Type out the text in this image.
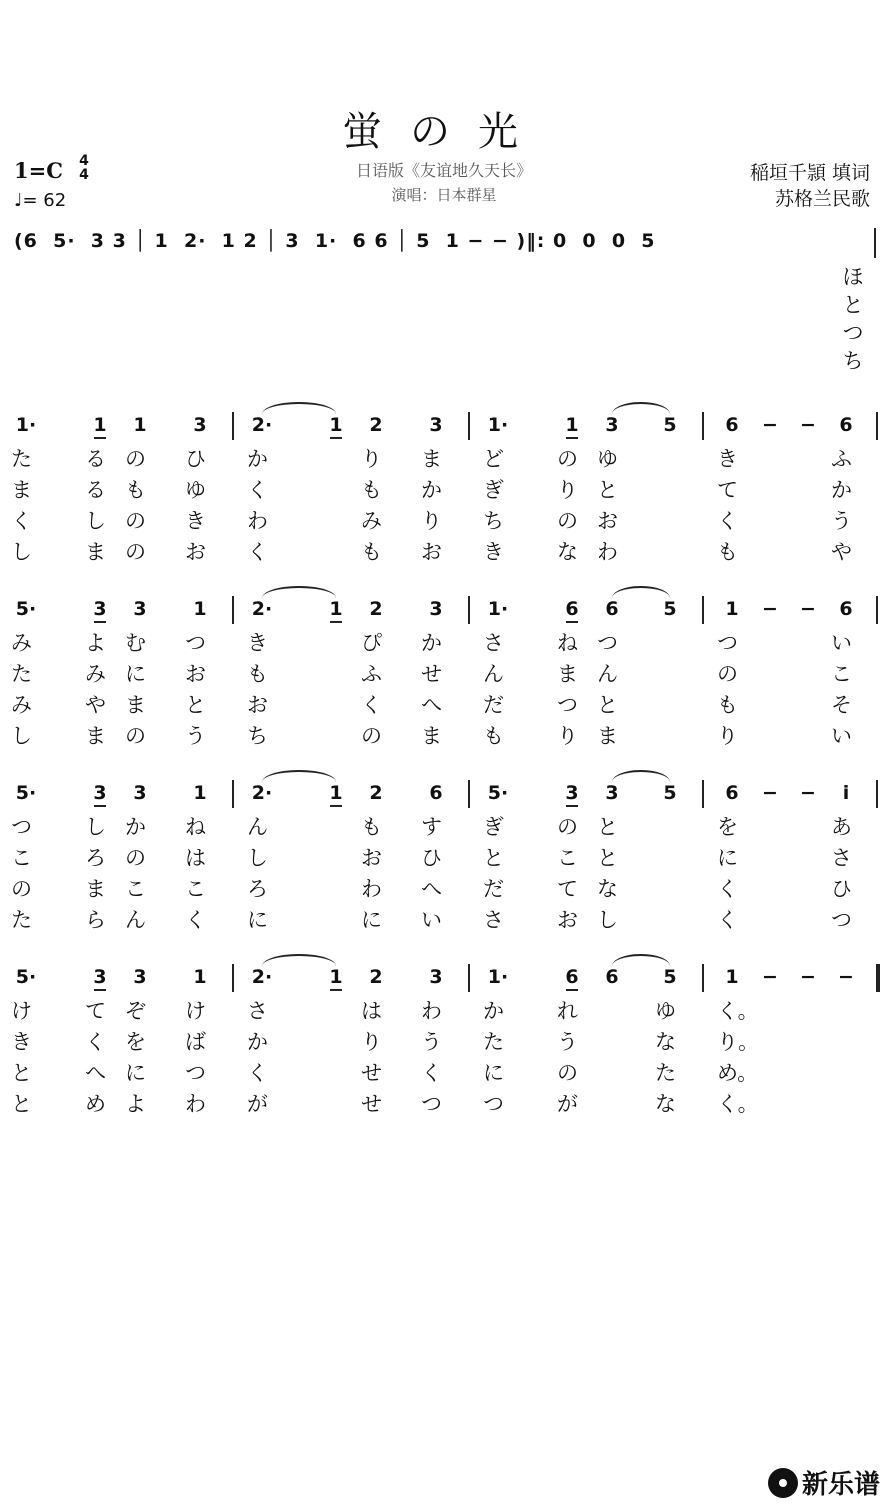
蛍の光
1=C 4
4
♩= 62
日语版《友谊地久天长》
演唱：日本群星
稲垣千頴 填词
苏格兰民歌
(6  5·  3 3 │ 1  2·  1 2 │ 3  1·  6 6 │ 5  1 − − )‖: 0  0  0  5
ほ
と
つ
ち
1·	1 1 3 2·	1 2 3 1·	1 3 5	6 − − 6
た	る の ひ か	り ま ど	の ゆ	き	ふ
ま	る も ゆ く	も か ぎ	り と	て	か
く	し の き わ	み り ち	の お	く	う
し	ま の お く	も お き	な わ	も	や
5·	3 3 1 2·	1 2 3 1·	6 6 5	1 − − 6
み	よ む つ き	ぴ か さ	ね つ	つ	い
た	み に お も	ふ せ ん	ま ん	の	こ
み	や ま と お	く へ だ	つ と	も	そ
し	ま の う ち	の ま も	り ま	り	い
5·	3 3 1 2·	1 2 6 5·	3 3 5	6 − −	i
つ	し か ね ん	も す ぎ	の と	を	あ
こ	ろ の は し	お ひ と	こ と	に	さ
の	ま こ こ ろ	わ へ だ	て な	く	ひ
た	ら ん く に	に い さ	お し	く	つ
5·	3 3 1 2·	1 2 3 1·	6 6 5	1 − − −
け	て ぞ け さ	は わ か	れ	ゆ く。
き	く を ば か	り う た	う	な り。
と	へ に つ く	せ く に	の	た め。
と	め よ わ が	せ つ つ	が	な く。
新乐谱
